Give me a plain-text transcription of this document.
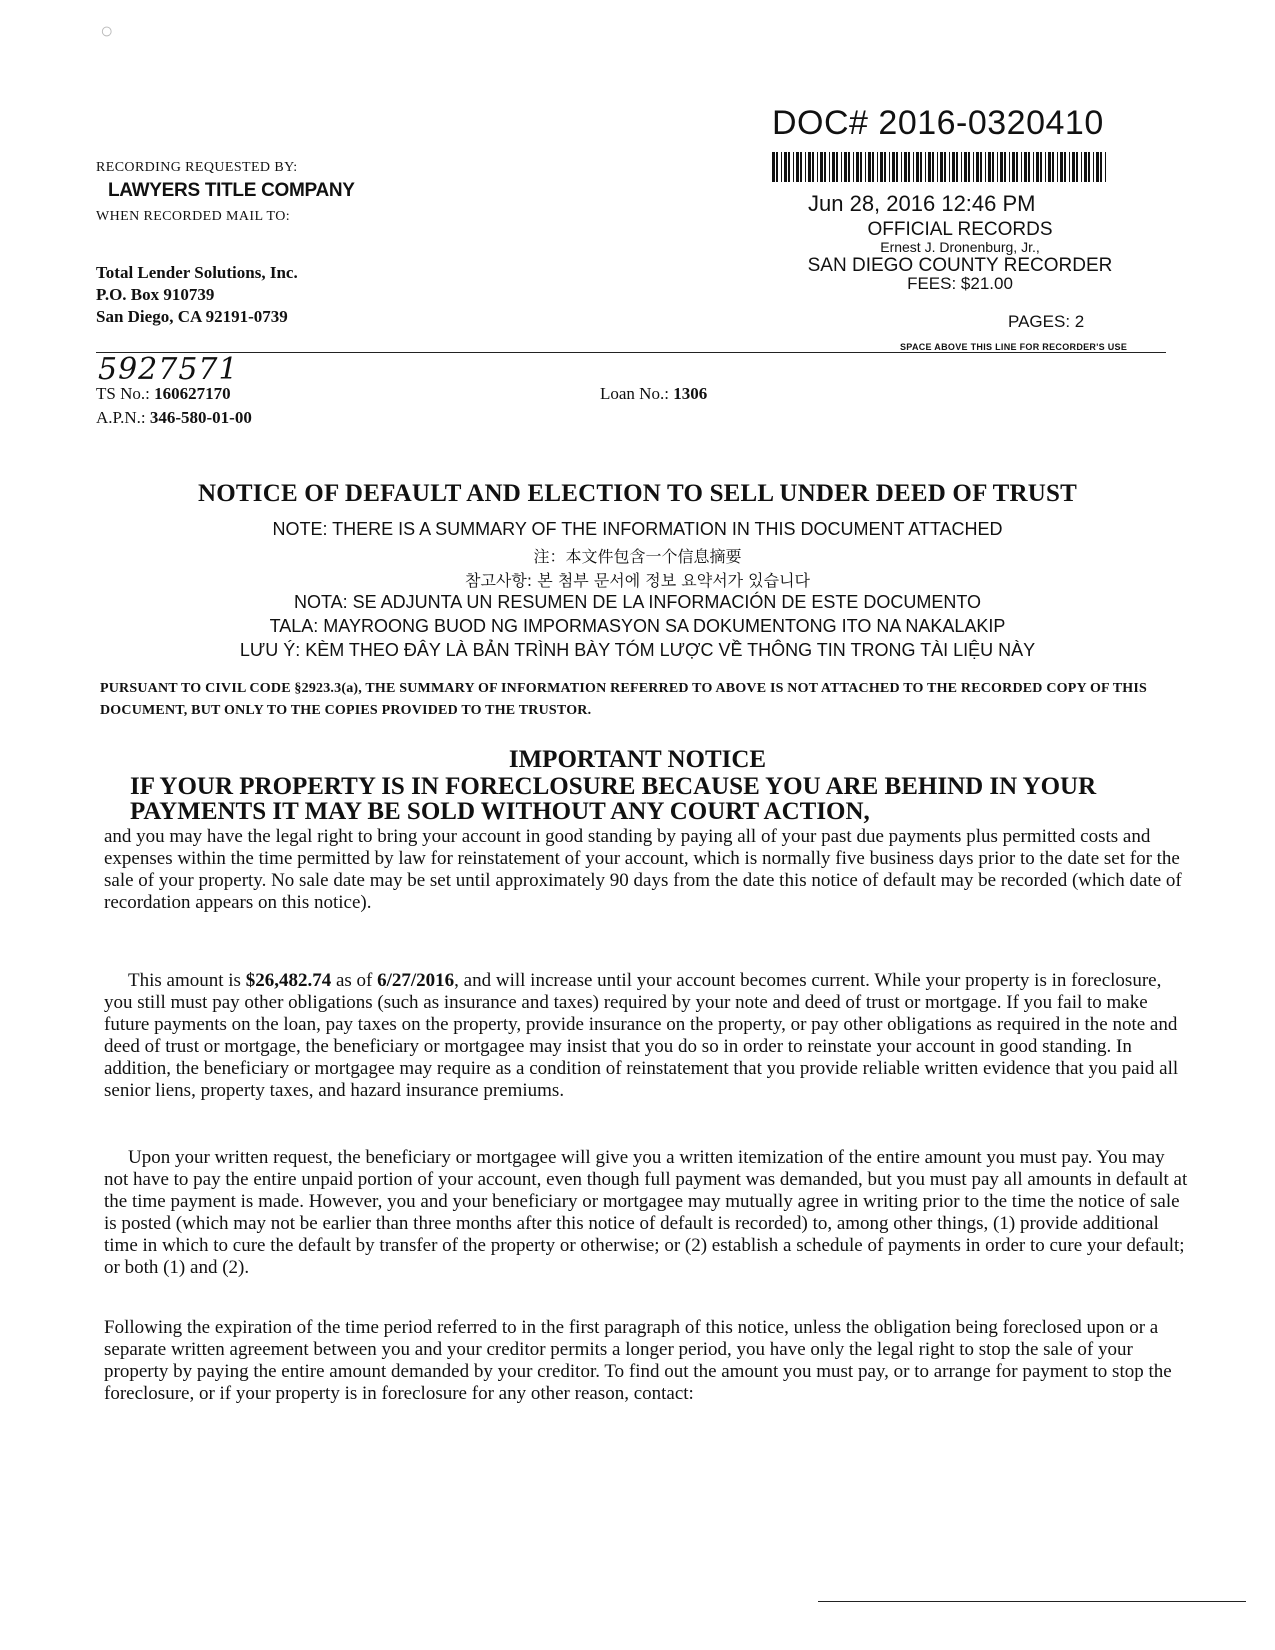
○
RECORDING REQUESTED BY:
LAWYERS TITLE COMPANY
WHEN RECORDED MAIL TO:
Total Lender Solutions, Inc.
P.O. Box 910739
San Diego, CA 92191-0739
DOC# 2016-0320410
Jun 28, 2016 12:46 PM
OFFICIAL RECORDS
Ernest J. Dronenburg, Jr.,
SAN DIEGO COUNTY RECORDER
FEES: $21.00
PAGES: 2
SPACE ABOVE THIS LINE FOR RECORDER'S USE
5927571
TS No.: 160627170
A.P.N.: 346-580-01-00
Loan No.: 1306
NOTICE OF DEFAULT AND ELECTION TO SELL UNDER DEED OF TRUST
NOTE: THERE IS A SUMMARY OF THE INFORMATION IN THIS DOCUMENT ATTACHED
注：本文件包含一个信息摘要
참고사항: 본 첨부 문서에 정보 요약서가 있습니다
NOTA: SE ADJUNTA UN RESUMEN DE LA INFORMACIÓN DE ESTE DOCUMENTO
TALA: MAYROONG BUOD NG IMPORMASYON SA DOKUMENTONG ITO NA NAKALAKIP
LƯU Ý: KÈM THEO ĐÂY LÀ BẢN TRÌNH BÀY TÓM LƯỢC VỀ THÔNG TIN TRONG TÀI LIỆU NÀY
PURSUANT TO CIVIL CODE §2923.3(a), THE SUMMARY OF INFORMATION REFERRED TO ABOVE IS NOT ATTACHED TO THE RECORDED COPY OF THIS DOCUMENT, BUT ONLY TO THE COPIES PROVIDED TO THE TRUSTOR.
IMPORTANT NOTICE
IF YOUR PROPERTY IS IN FORECLOSURE BECAUSE YOU ARE BEHIND IN YOUR PAYMENTS IT MAY BE SOLD WITHOUT ANY COURT ACTION,
and you may have the legal right to bring your account in good standing by paying all of your past due payments plus permitted costs and expenses within the time permitted by law for reinstatement of your account, which is normally five business days prior to the date set for the sale of your property. No sale date may be set until approximately 90 days from the date this notice of default may be recorded (which date of recordation appears on this notice).
This amount is $26,482.74 as of 6/27/2016, and will increase until your account becomes current. While your property is in foreclosure, you still must pay other obligations (such as insurance and taxes) required by your note and deed of trust or mortgage. If you fail to make future payments on the loan, pay taxes on the property, provide insurance on the property, or pay other obligations as required in the note and deed of trust or mortgage, the beneficiary or mortgagee may insist that you do so in order to reinstate your account in good standing. In addition, the beneficiary or mortgagee may require as a condition of reinstatement that you provide reliable written evidence that you paid all senior liens, property taxes, and hazard insurance premiums.
Upon your written request, the beneficiary or mortgagee will give you a written itemization of the entire amount you must pay. You may not have to pay the entire unpaid portion of your account, even though full payment was demanded, but you must pay all amounts in default at the time payment is made. However, you and your beneficiary or mortgagee may mutually agree in writing prior to the time the notice of sale is posted (which may not be earlier than three months after this notice of default is recorded) to, among other things, (1) provide additional time in which to cure the default by transfer of the property or otherwise; or (2) establish a schedule of payments in order to cure your default; or both (1) and (2).
Following the expiration of the time period referred to in the first paragraph of this notice, unless the obligation being foreclosed upon or a separate written agreement between you and your creditor permits a longer period, you have only the legal right to stop the sale of your property by paying the entire amount demanded by your creditor. To find out the amount you must pay, or to arrange for payment to stop the foreclosure, or if your property is in foreclosure for any other reason, contact:
